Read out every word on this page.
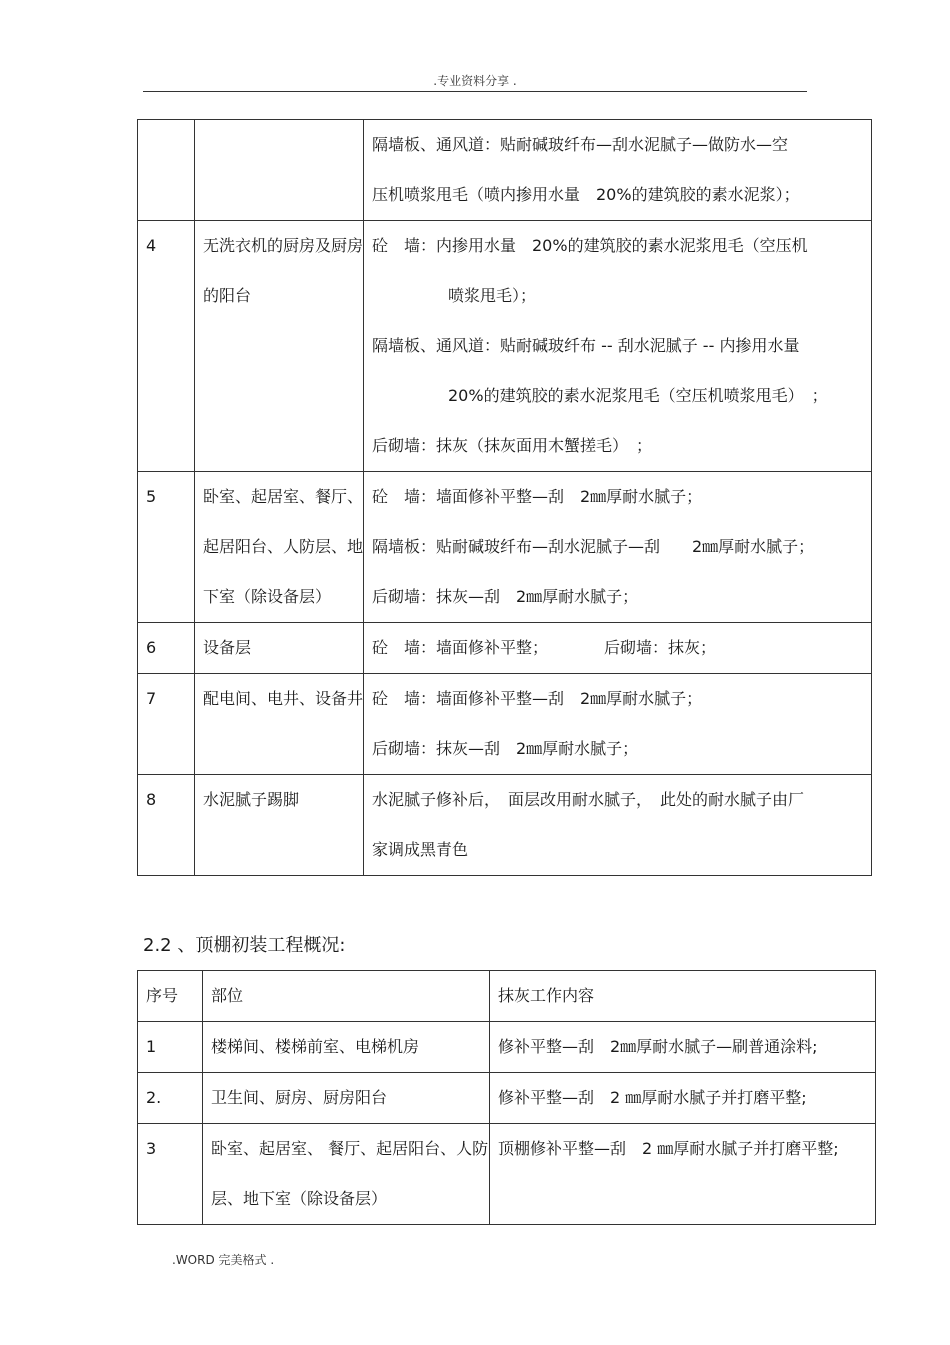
.专业资料分享 .

		隔墙板、通风道：贴耐碱玻纤布—刮水泥腻子—做防水—空
压机喷浆甩毛（喷内掺用水量　20%的建筑胶的素水泥浆）；

4	无洗衣机的厨房及厨房的阳台	砼　墙：内掺用水量　20%的建筑胶的素水泥浆甩毛（空压机
喷浆甩毛）；
隔墙板、通风道：贴耐碱玻纤布 -- 刮水泥腻子 -- 内掺用水量
20%的建筑胶的素水泥浆甩毛（空压机喷浆甩毛）　；
后砌墙：抹灰（抹灰面用木蟹搓毛）　；

5	卧室、起居室、餐厅、起居阳台、人防层、地下室（除设备层）	砼　墙：墙面修补平整—刮　2㎜厚耐水腻子；
隔墙板：贴耐碱玻纤布—刮水泥腻子—刮　　2㎜厚耐水腻子；
后砌墙：抹灰—刮　2㎜厚耐水腻子；

6	设备层	砼　墙：墙面修补平整；　　　　后砌墙：抹灰；

7	配电间、电井、设备井	砼　墙：墙面修补平整—刮　2㎜厚耐水腻子；
后砌墙：抹灰—刮　2㎜厚耐水腻子；

8	水泥腻子踢脚	水泥腻子修补后，　面层改用耐水腻子，　此处的耐水腻子由厂
家调成黑青色
2.2 、顶棚初装工程概况:
序号	部位	抹灰工作内容
1	楼梯间、楼梯前室、电梯机房	修补平整—刮　2㎜厚耐水腻子—刷普通涂料;
2.	卫生间、厨房、厨房阳台	修补平整—刮　2 ㎜厚耐水腻子并打磨平整;
3	卧室、起居室、 餐厅、起居阳台、人防层、地下室（除设备层）	顶棚修补平整—刮　2 ㎜厚耐水腻子并打磨平整;
.WORD 完美格式 .
